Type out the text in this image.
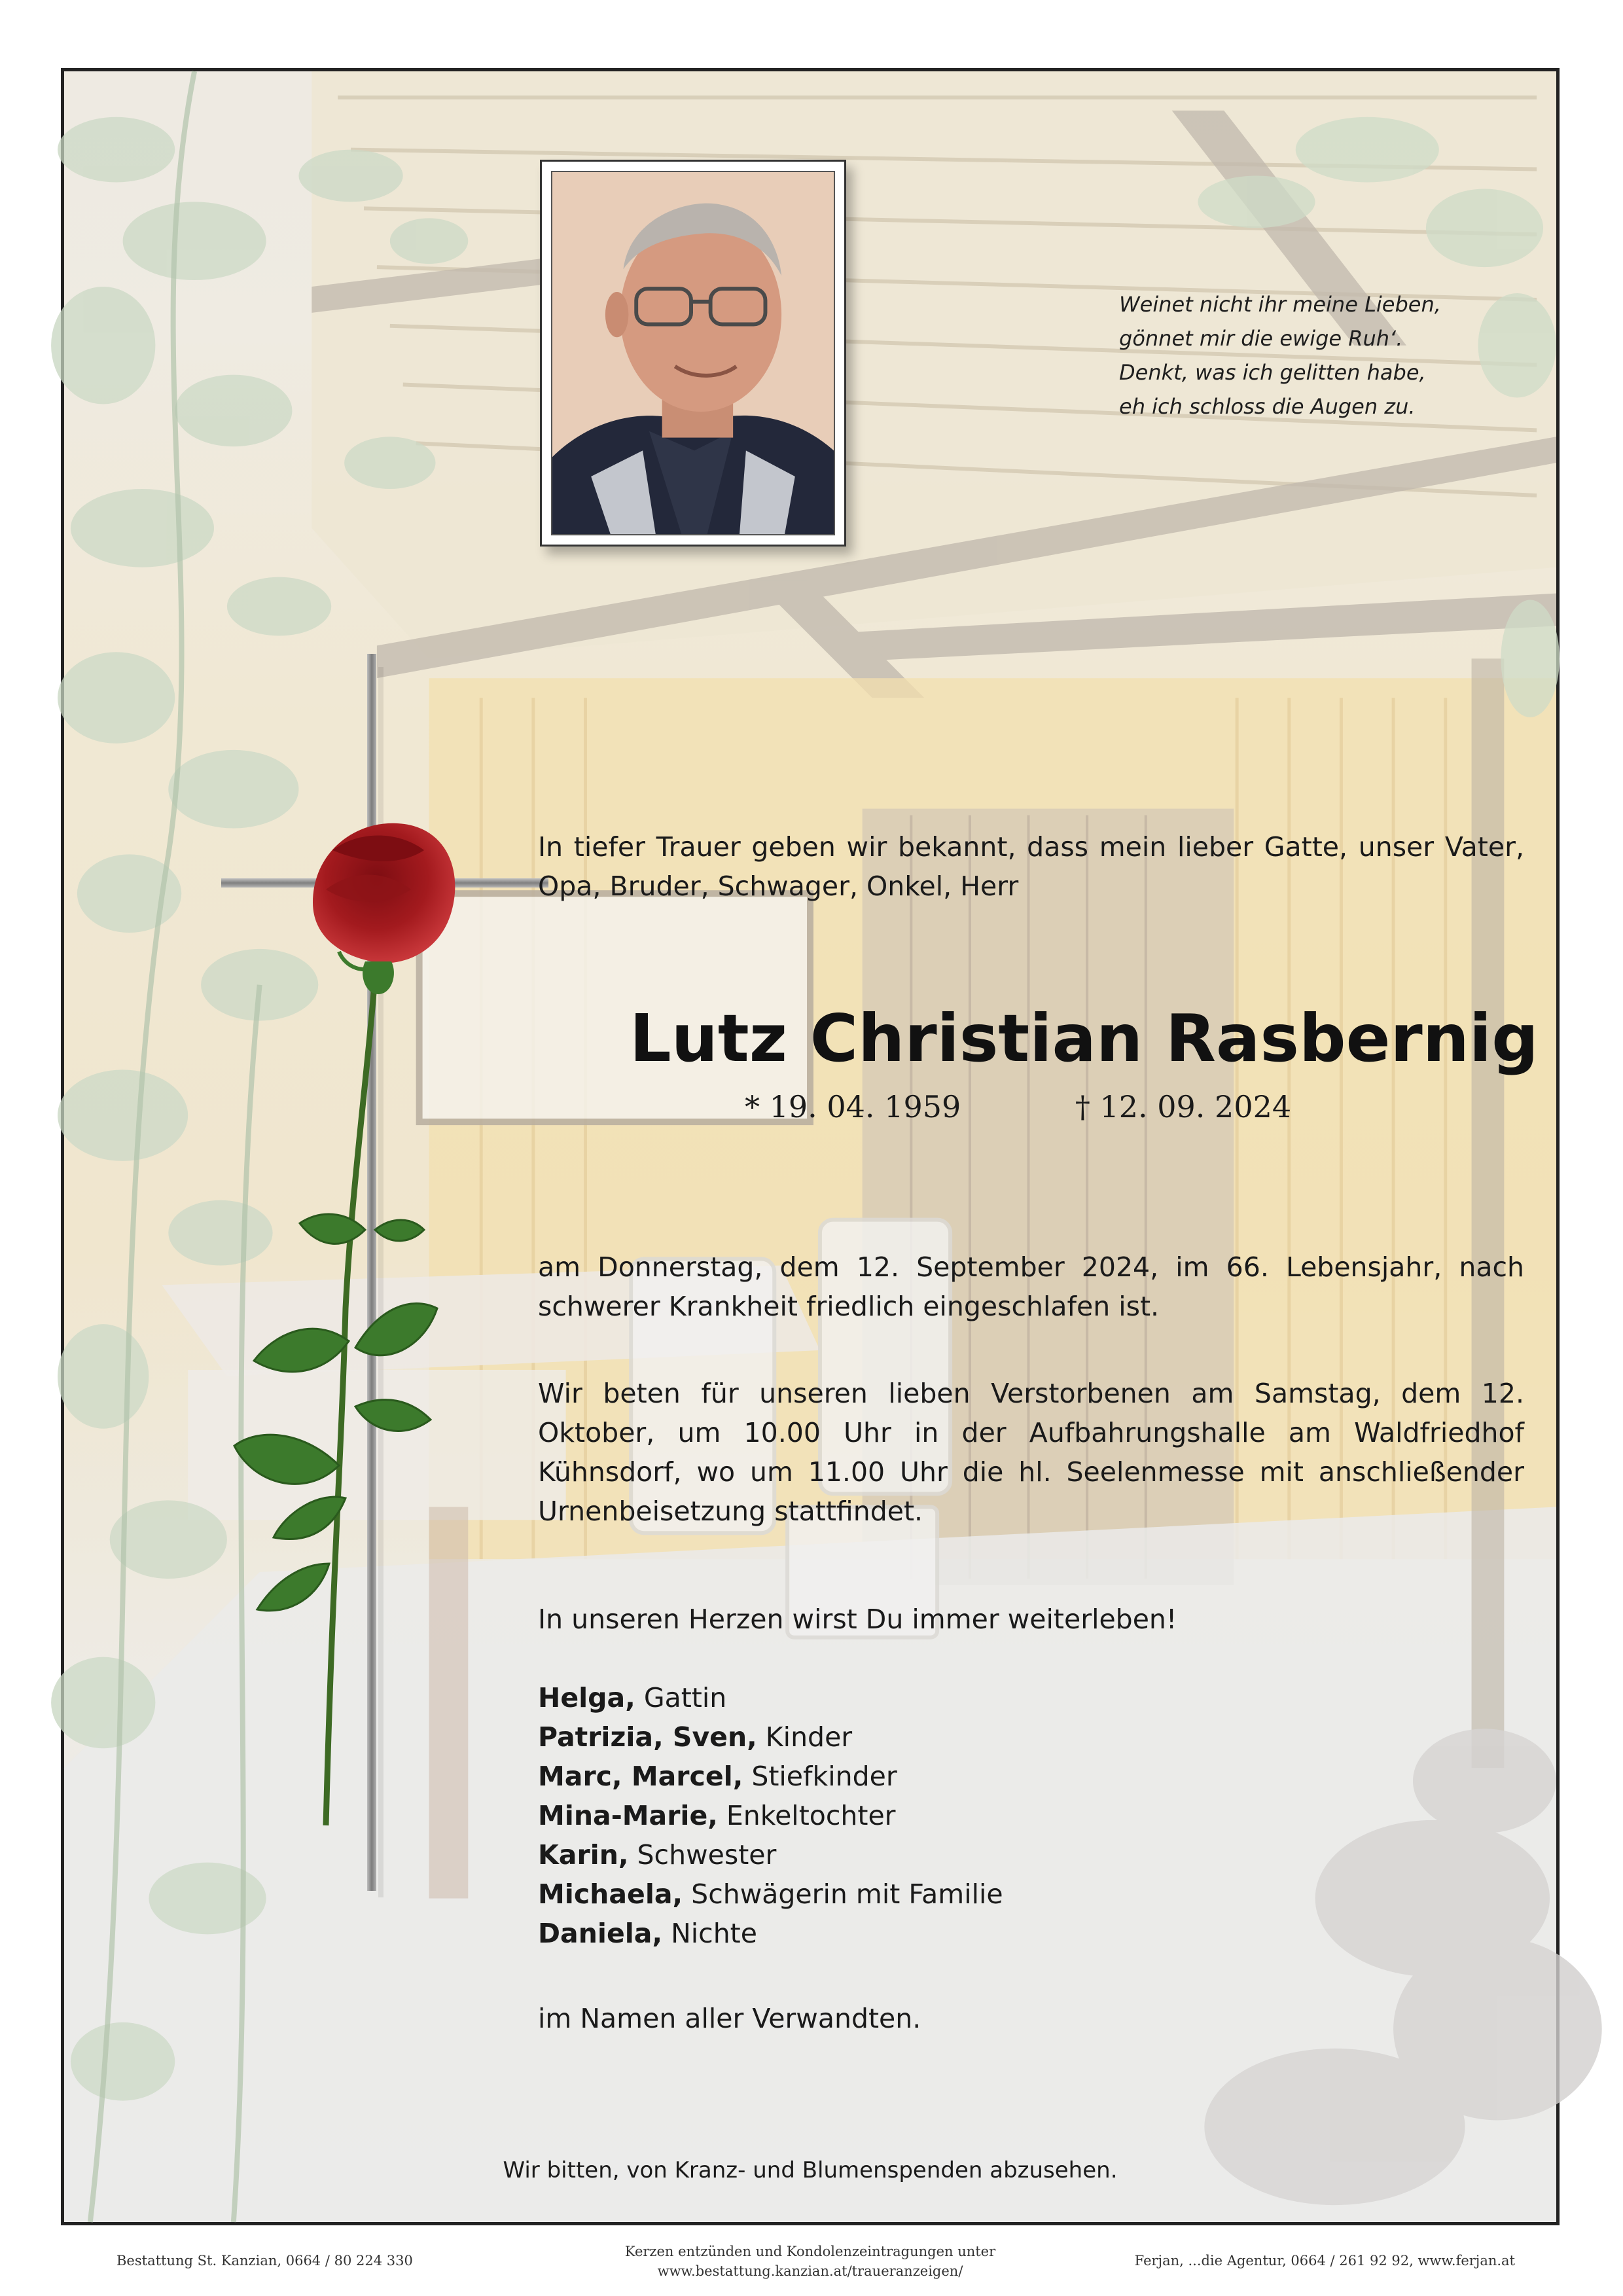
Weinet nicht ihr meine Lieben,
gönnet mir die ewige Ruh‘.
Denkt, was ich gelitten habe,
eh ich schloss die Augen zu.
In tiefer Trauer geben wir bekannt, dass mein lieber Gatte, unser Vater, Opa, Bruder, Schwager, Onkel, Herr
Lutz Christian Rasbernig
* 19. 04. 1959	† 12. 09. 2024
am Donnerstag, dem 12. September 2024, im 66. Lebensjahr, nach schwerer Krankheit friedlich eingeschlafen ist.
Wir beten für unseren lieben Verstorbenen am Samstag, dem 12. Oktober, um 10.00 Uhr in der Aufbahrungshalle am Waldfriedhof Kühnsdorf, wo um 11.00 Uhr die hl. Seelenmesse mit anschließender Urnenbeisetzung stattfindet.
In unseren Herzen wirst Du immer weiterleben!
Helga, Gattin
Patrizia, Sven, Kinder
Marc, Marcel, Stiefkinder
Mina-Marie, Enkeltochter
Karin, Schwester
Michaela, Schwägerin mit Familie
Daniela, Nichte
im Namen aller Verwandten.
Wir bitten, von Kranz- und Blumenspenden abzusehen.
Bestattung St. Kanzian, 0664 / 80 224 330
Kerzen entzünden und Kondolenzeintragungen unter
www.bestattung.kanzian.at/traueranzeigen/
Ferjan, ...die Agentur, 0664 / 261 92 92, www.ferjan.at
